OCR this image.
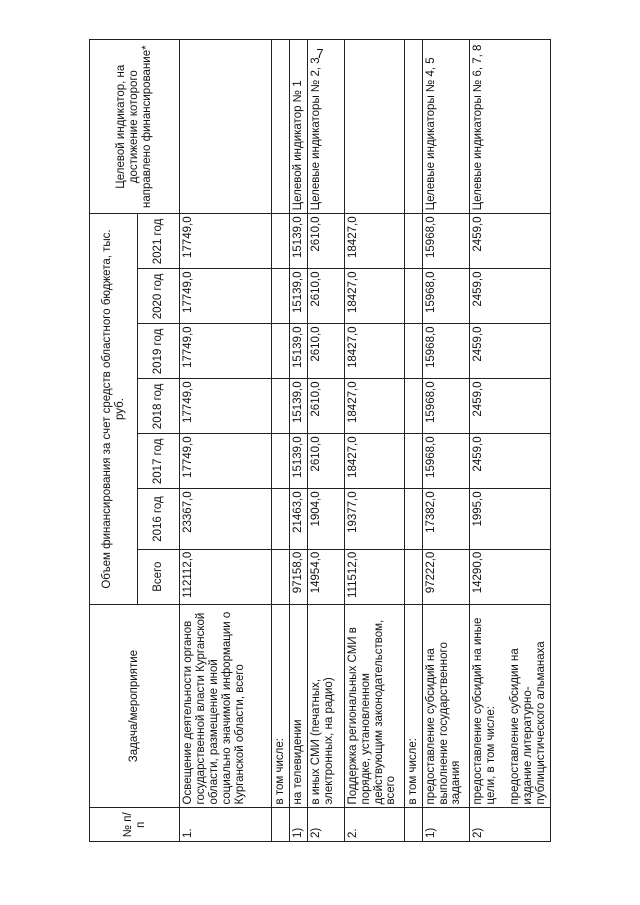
7
№ п/п	Задача/мероприятие	Объем финансирования за счет средств областного бюджета, тыс. руб.							Целевой индикатор, на достижение которого направлено финансирование*
		Всего	2016 год	2017 год	2018 год	2019 год	2020 год	2021 год	
1.	Освещение деятельности органов государственной власти Курганской области, размещение иной социально значимой информации о Курганской области, всего	112112,0	23367,0	17749,0	17749,0	17749,0	17749,0	17749,0	
	в том числе:								
1)	на телевидении	97158,0	21463,0	15139,0	15139,0	15139,0	15139,0	15139,0	Целевой индикатор № 1
2)	в иных СМИ (печатных, электронных, на радио)	14954,0	1904,0	2610,0	2610,0	2610,0	2610,0	2610,0	Целевые индикаторы № 2, 3
2.	Поддержка региональных СМИ в порядке, установленном действующим законодательством, всего	111512,0	19377,0	18427,0	18427,0	18427,0	18427,0	18427,0	
	в том числе:								
1)	предоставление субсидий на выполнение государственного задания	97222,0	17382,0	15968,0	15968,0	15968,0	15968,0	15968,0	Целевые индикаторы № 4, 5
2)	предоставление субсидий на иные цели, в том числе: предоставление субсидии на издание литературно-публицистического альманаха	14290,0	1995,0	2459,0	2459,0	2459,0	2459,0	2459,0	Целевые индикаторы № 6, 7, 8
